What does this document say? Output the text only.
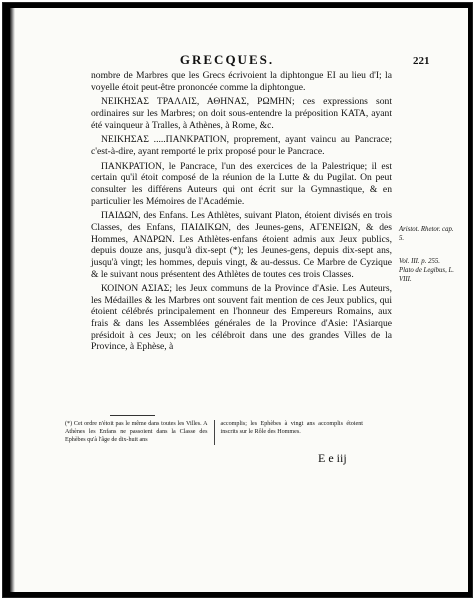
GRECQUES.	221

nombre de Marbres que les Grecs écrivoient la diphtongue ΕΙ au lieu d'Ι; la voyelle étoit peut-être prononcée comme la diphtongue.

ΝΕΙΚΗΣΑΣ ΤΡΑΛΛΙΣ, ΑΘΗΝΑΣ, ΡΩΜΗΝ; ces expressions sont ordinaires sur les Marbres; on doit sous-entendre la préposition ΚΑΤΑ, ayant été vainqueur à Tralles, à Athènes, à Rome, &c.

ΝΕΙΚΗΣΑΣ .....ΠΑΝΚΡΑΤΙΟΝ, proprement, ayant vaincu au Pancrace; c'est-à-dire, ayant remporté le prix proposé pour le Pancrace.

ΠΑΝΚΡΑΤΙΟΝ, le Pancrace, l'un des exercices de la Palestrique; il est certain qu'il étoit composé de la réunion de la Lutte & du Pugilat. On peut consulter les différens Auteurs qui ont écrit sur la Gymnastique, & en particulier les Mémoires de l'Académie.

ΠΑΙΔΩΝ, des Enfans. Les Athlètes, suivant Platon, étoient divisés en trois Classes, des Enfans, ΠΑΙΔΙΚΩΝ, des Jeunes-gens, ΑΓΕΝΕΙΩΝ, & des Hommes, ΑΝΔΡΩΝ. Les Athlètes-enfans étoient admis aux Jeux publics, depuis douze ans, jusqu'à dix-sept (*); les Jeunes-gens, depuis dix-sept ans, jusqu'à vingt; les hommes, depuis vingt, & au-dessus. Ce Marbre de Cyzique & le suivant nous présentent des Athlètes de toutes ces trois Classes.

ΚΟΙΝΟΝ ΑΣΙΑΣ; les Jeux communs de la Province d'Asie. Les Auteurs, les Médailles & les Marbres ont souvent fait mention de ces Jeux publics, qui étoient célébrés principalement en l'honneur des Empereurs Romains, aux frais & dans les Assemblées générales de la Province d'Asie: l'Asiarque présidoit à ces Jeux; on les célébroit dans une des grandes Villes de la Province, à Ephèse, à

Aristot. Rhetor. cap. 5.
Vol. III. p. 255. Plato de Legibus, L. VIII.
(*) Cet ordre n'étoit pas le même dans toutes les Villes. A Athènes les Enfans ne passoient dans la Classe des Ephèbes qu'à l'âge de dix-huit ans
accomplis; les Ephèbes à vingt ans accomplis étoient inscrits sur le Rôle des Hommes.
E e iij
